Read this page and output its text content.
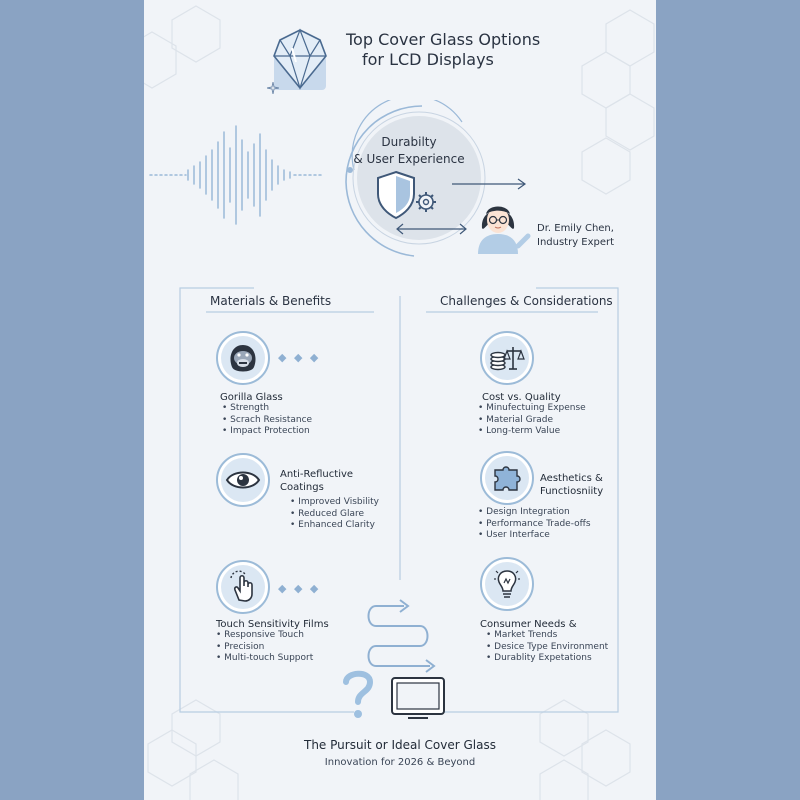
Top Cover Glass Options
for LCD Displays
Durabilty
& User Experience
Dr. Emily Chen,
Industry Expert
Materials & Benefits	Challenges & Considerations
◆ ◆ ◆
Gorilla Glass
• Strength
• Scrach Resistance
• Impact Protection
Anti-Refluctive
Coatings
• Improved Visbility
• Reduced Glare
• Enhanced Clarity
◆ ◆ ◆
Touch Sensitivity Films
• Responsive Touch
• Precision
• Multi-touch Support
Cost vs. Quality
• Minufectuing Expense
• Material Grade
• Long-term Value
Aesthetics &
Functiosniity
• Design Integration
• Performance Trade-offs
• User Interface
Consumer Needs &
• Market Trends
• Desice Type Environment
• Durablity Expetations
The Pursuit or Ideal Cover Glass
Innovation for 2026 & Beyond
